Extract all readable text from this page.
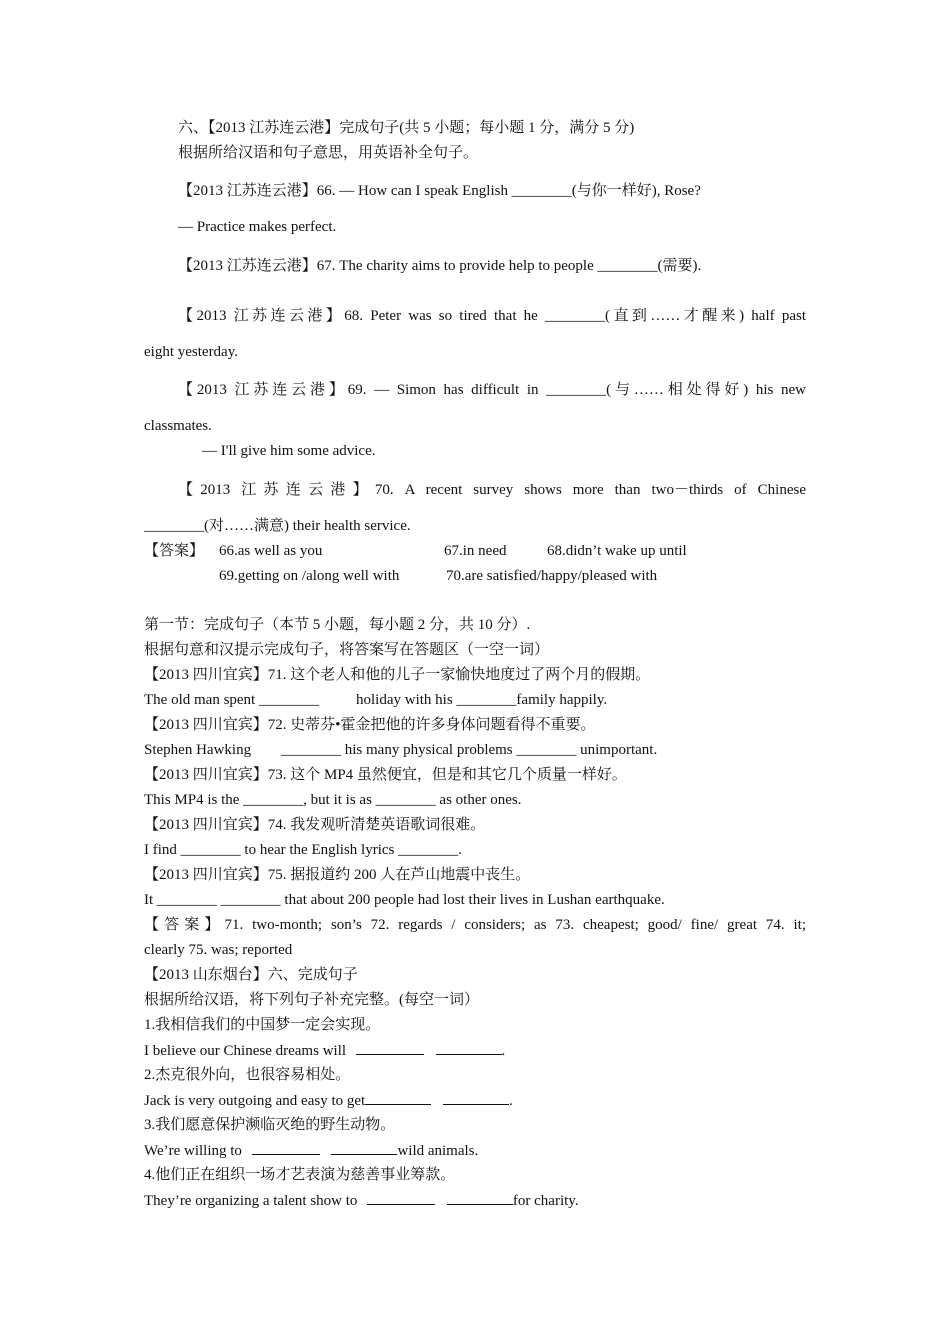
六、【2013 江苏连云港】完成句子(共 5 小题；每小题 1 分，满分 5 分)
根据所给汉语和句子意思，用英语补全句子。
【2013 江苏连云港】66. — How can I speak English ________(与你一样好), Rose?
— Practice makes perfect.
【2013 江苏连云港】67. The charity aims to provide help to people ________(需要).
【2013 江苏连云港】68. Peter was so tired that he ________(直到……才醒来) half past
eight yesterday.
【2013 江苏连云港】69. — Simon has difficult in ________(与……相处得好) his new
classmates.
— I'll give him some advice.
【2013 江苏连云港】70. A recent survey shows more than two－thirds of Chinese
________(对……满意) their health service.
【答案】 66.as well as you	67.in need	68.didn’t wake up until
69.getting on /along well with	70.are satisfied/happy/pleased with
第一节：完成句子（本节 5 小题，每小题 2 分，共 10 分）.
根据句意和汉提示完成句子，将答案写在答题区（一空一词）
【2013 四川宜宾】71. 这个老人和他的儿子一家愉快地度过了两个月的假期。
The old man spent ________ holiday with his ________family happily.
【2013 四川宜宾】72. 史蒂芬•霍金把他的许多身体问题看得不重要。
Stephen Hawking ________ his many physical problems ________ unimportant.
【2013 四川宜宾】73. 这个 MP4 虽然便宜，但是和其它几个质量一样好。
This MP4 is the ________, but it is as ________ as other ones.
【2013 四川宜宾】74. 我发观听清楚英语歌词很难。
I find ________ to hear the English lyrics ________.
【2013 四川宜宾】75. 据报道约 200 人在芦山地震中丧生。
It ________ ________ that about 200 people had lost their lives in Lushan earthquake.
【答案】71. two-month; son’s 72. regards / considers; as 73. cheapest; good/ fine/ great 74. it;
clearly 75. was; reported
【2013 山东烟台】六、完成句子
根据所给汉语，将下列句子补充完整。(每空一词）
1.我相信我们的中国梦一定会实现。
I believe our Chinese dreams will	.
2.杰克很外向，也很容易相处。
Jack is very outgoing and easy to get	.
3.我们愿意保护濒临灭绝的野生动物。
We’re willing to	wild animals.
4.他们正在组织一场才艺表演为慈善事业筹款。
They’re organizing a talent show to	for charity.
